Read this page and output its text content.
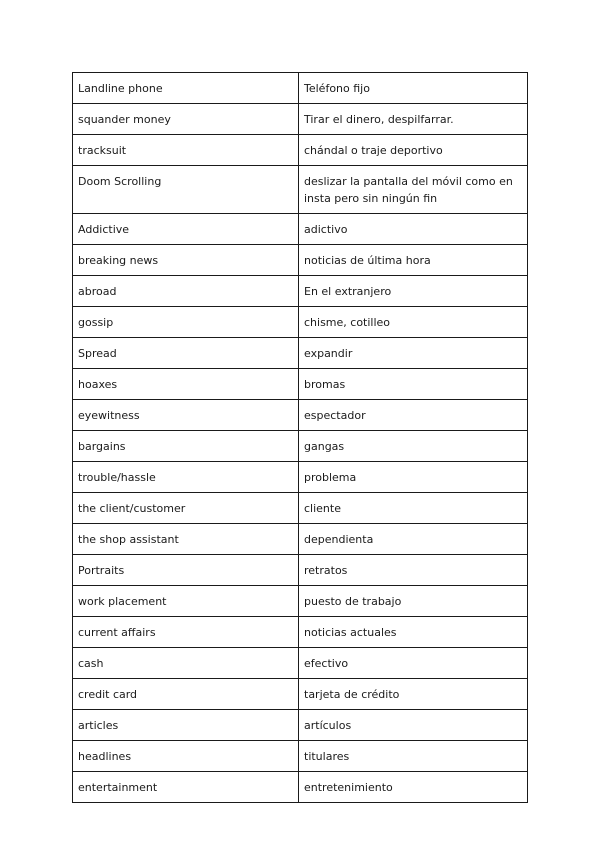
Landline phone	Teléfono fijo
squander money	Tirar el dinero, despilfarrar.
tracksuit	chándal o traje deportivo
Doom Scrolling	deslizar la pantalla del móvil como en insta pero sin ningún fin
Addictive	adictivo
breaking news	noticias de última hora
abroad	En el extranjero
gossip	chisme, cotilleo
Spread	expandir
hoaxes	bromas
eyewitness	espectador
bargains	gangas
trouble/hassle	problema
the client/customer	cliente
the shop assistant	dependienta
Portraits	retratos
work placement	puesto de trabajo
current affairs	noticias actuales
cash	efectivo
credit card	tarjeta de crédito
articles	artículos
headlines	titulares
entertainment	entretenimiento
